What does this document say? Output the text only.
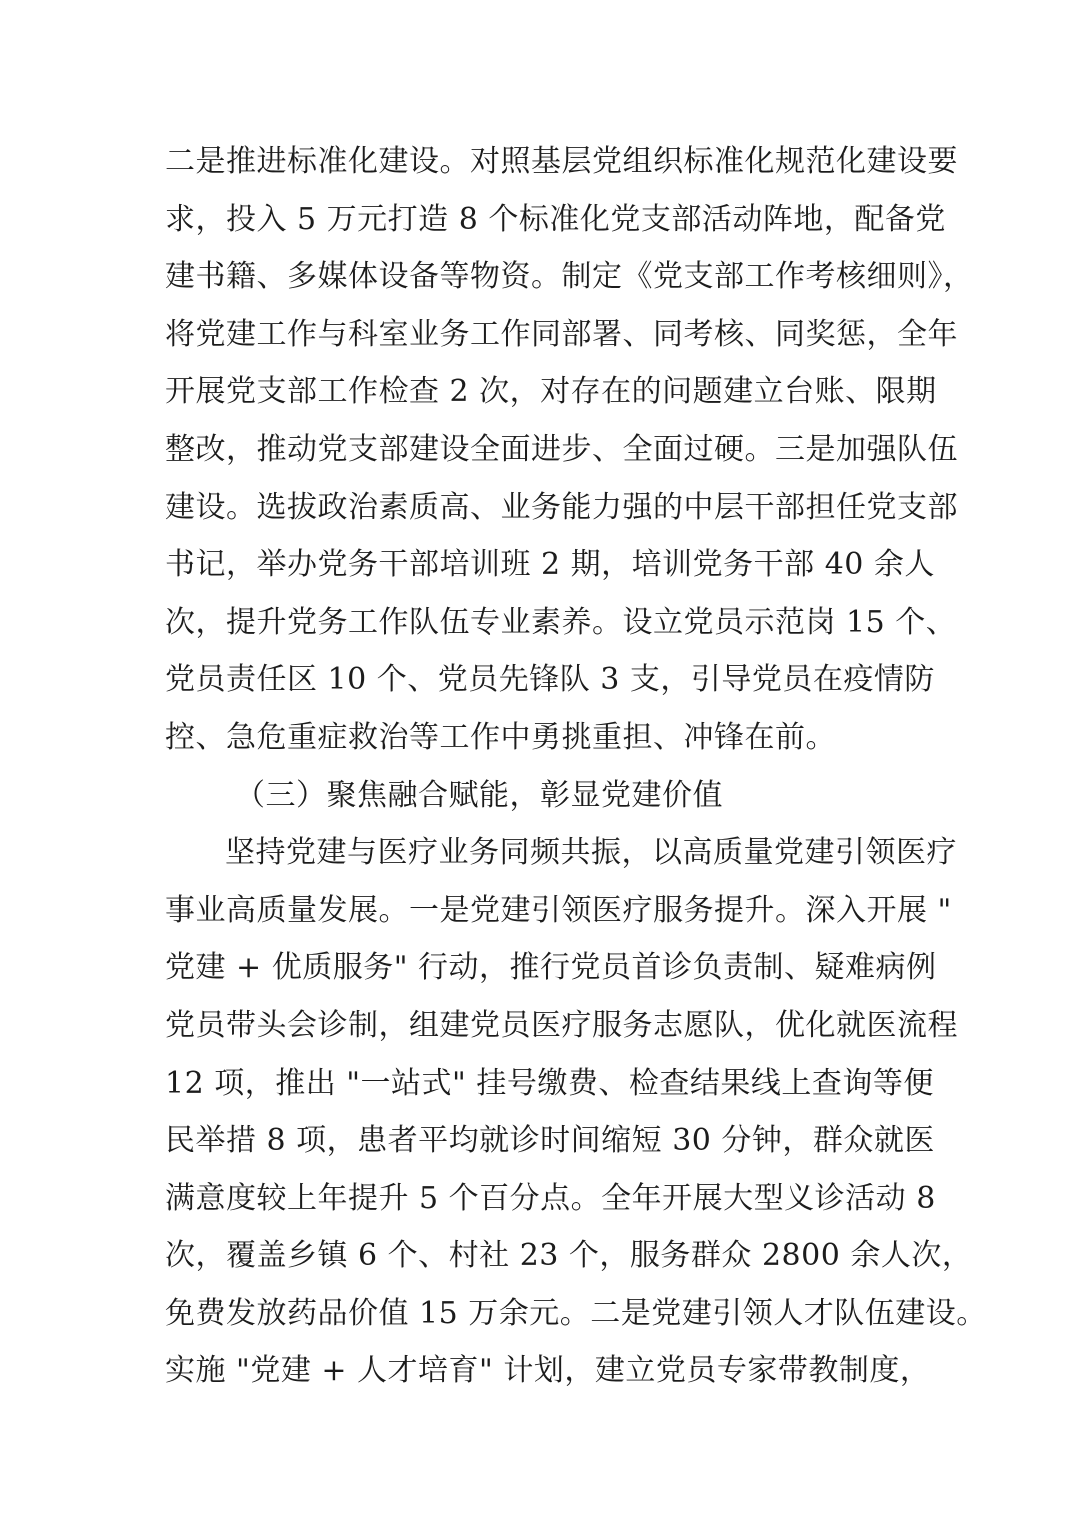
二是推进标准化建设。对照基层党组织标准化规范化建设要
求，投入 5 万元打造 8 个标准化党支部活动阵地，配备党
建书籍、多媒体设备等物资。制定《党支部工作考核细则》，
将党建工作与科室业务工作同部署、同考核、同奖惩，全年
开展党支部工作检查 2 次，对存在的问题建立台账、限期
整改，推动党支部建设全面进步、全面过硬。三是加强队伍
建设。选拔政治素质高、业务能力强的中层干部担任党支部
书记，举办党务干部培训班 2 期，培训党务干部 40 余人
次，提升党务工作队伍专业素养。设立党员示范岗 15 个、
党员责任区 10 个、党员先锋队 3 支，引导党员在疫情防
控、急危重症救治等工作中勇挑重担、冲锋在前。
（三）聚焦融合赋能，彰显党建价值
坚持党建与医疗业务同频共振，以高质量党建引领医疗
事业高质量发展。一是党建引领医疗服务提升。深入开展 "
党建 + 优质服务" 行动，推行党员首诊负责制、疑难病例
党员带头会诊制，组建党员医疗服务志愿队，优化就医流程
12 项，推出 "一站式" 挂号缴费、检查结果线上查询等便
民举措 8 项，患者平均就诊时间缩短 30 分钟，群众就医
满意度较上年提升 5 个百分点。全年开展大型义诊活动 8
次，覆盖乡镇 6 个、村社 23 个，服务群众 2800 余人次，
免费发放药品价值 15 万余元。二是党建引领人才队伍建设。
实施 "党建 + 人才培育" 计划，建立党员专家带教制度，
